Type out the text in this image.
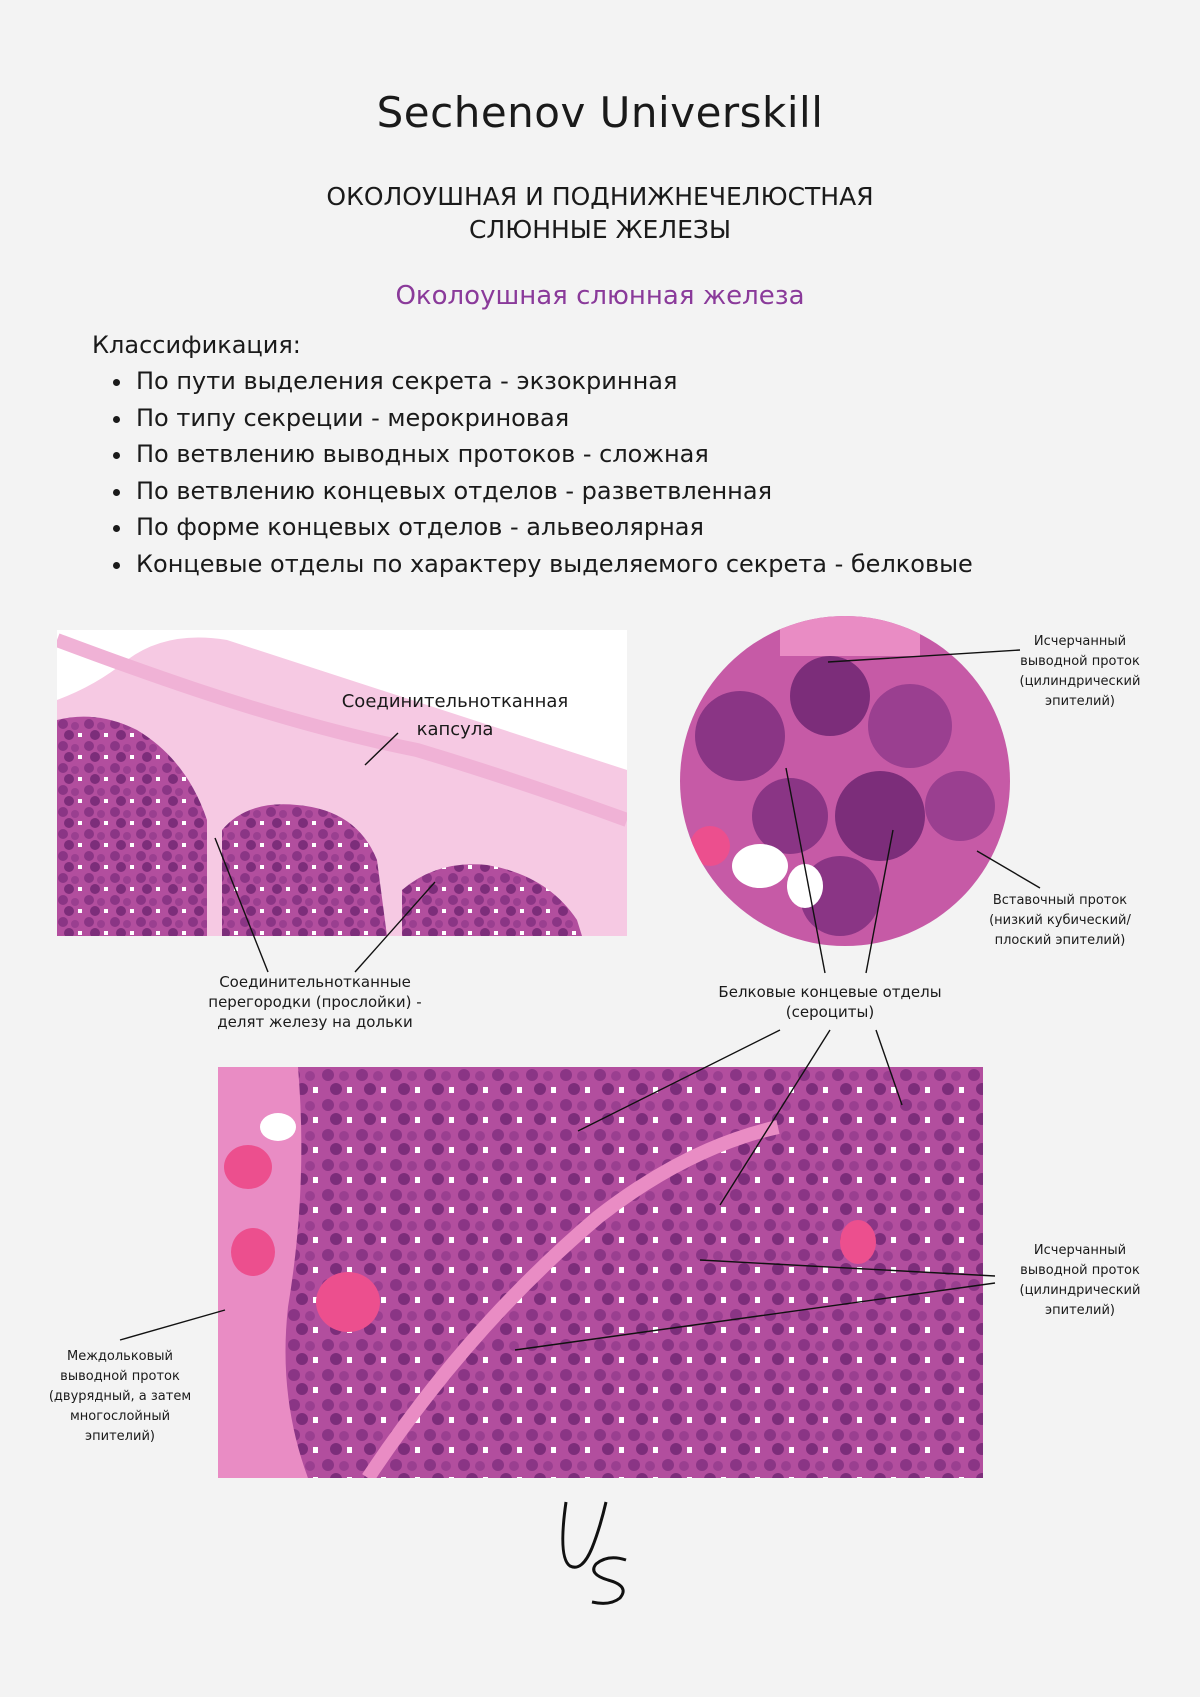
Sechenov Universkill
ОКОЛОУШНАЯ И ПОДНИЖНЕЧЕЛЮСТНАЯ
СЛЮННЫЕ ЖЕЛЕЗЫ
Околоушная слюнная железа
Классификация:
• По пути выделения секрета - экзокринная
• По типу секреции - мерокриновая
• По ветвлению выводных протоков - сложная
• По ветвлению концевых отделов - разветвленная
• По форме концевых отделов - альвеолярная
• Концевые отделы по характеру выделяемого секрета - белковые
Соединительнотканная
капсула
Соединительнотканные
перегородки (прослойки) -
делят железу на дольки
Исчерчанный
выводной проток
(цилиндрический
эпителий)
Вставочный проток
(низкий кубический/
плоский эпителий)
Белковые концевые отделы
(сероциты)
Исчерчанный
выводной проток
(цилиндрический
эпителий)
Междольковый
выводной проток
(двурядный, а затем
многослойный
эпителий)
